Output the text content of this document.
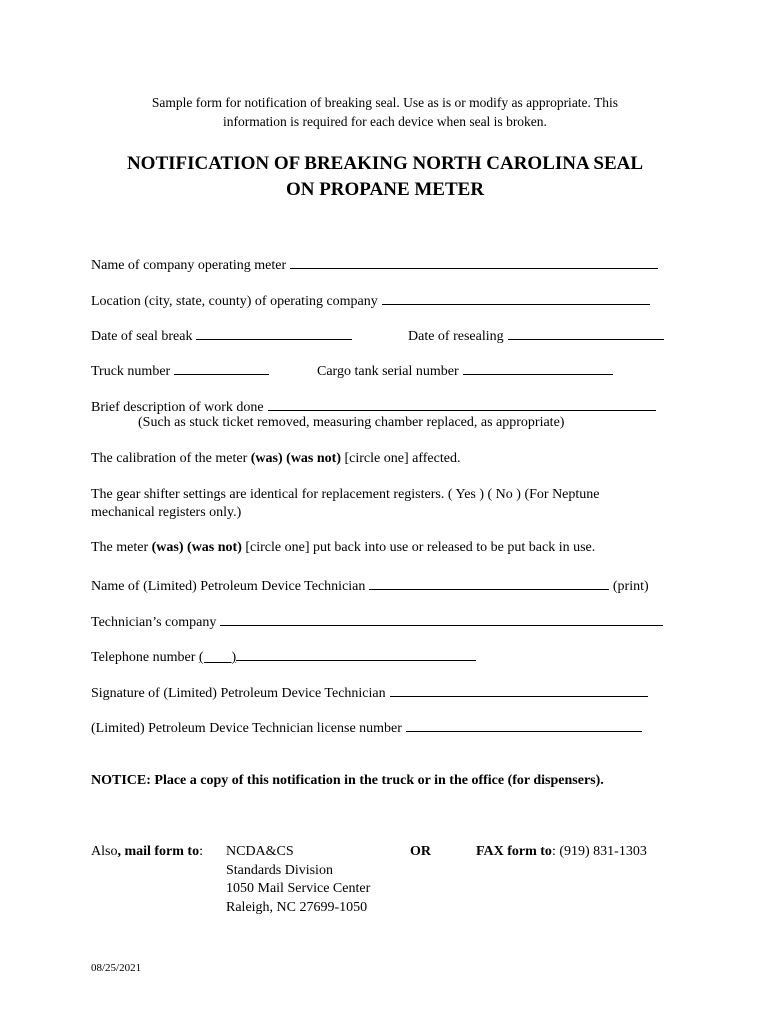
Sample form for notification of breaking seal. Use as is or modify as appropriate. This
information is required for each device when seal is broken.
NOTIFICATION OF BREAKING NORTH CAROLINA SEAL
ON PROPANE METER
Name of company operating meter
Location (city, state, county) of operating company
Date of seal break	Date of resealing
Truck number	Cargo tank serial number
Brief description of work done
(Such as stuck ticket removed, measuring chamber replaced, as appropriate)
The calibration of the meter (was) (was not) [circle one] affected.
The gear shifter settings are identical for replacement registers. ( Yes ) ( No ) (For Neptune
mechanical registers only.)
The meter (was) (was not) [circle one] put back into use or released to be put back in use.
Name of (Limited) Petroleum Device Technician	(print)
Technician’s company
Telephone number (        )
Signature of (Limited) Petroleum Device Technician
(Limited) Petroleum Device Technician license number
NOTICE: Place a copy of this notification in the truck or in the office (for dispensers).
Also, mail form to: NCDA&CS
Standards Division
1050 Mail Service Center
Raleigh, NC 27699-1050
OR	FAX form to: (919) 831-1303
08/25/2021
